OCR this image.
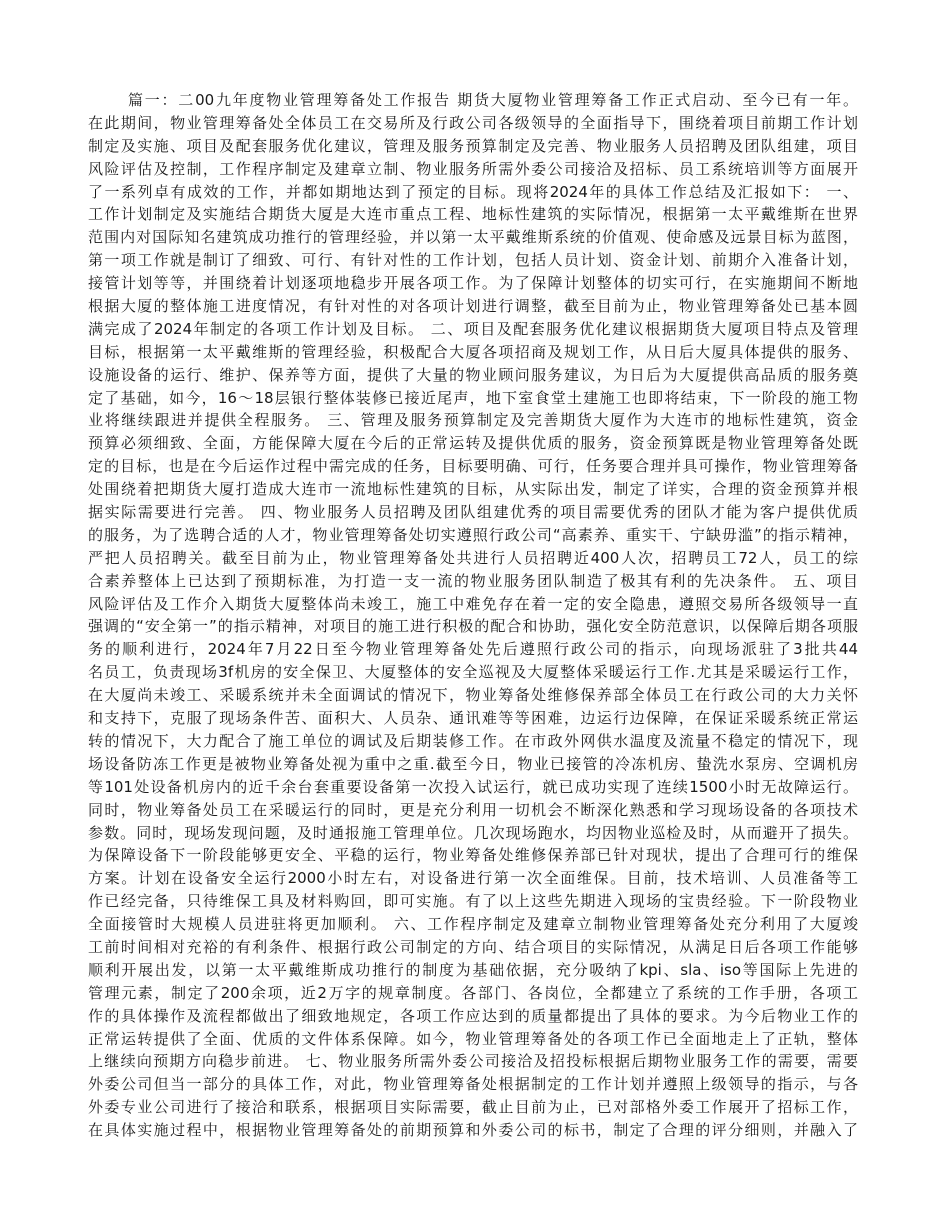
篇一：二00九年度物业管理筹备处工作报告 期货大厦物业管理筹备工作正式启动、至今已有一年。
在此期间，物业管理筹备处全体员工在交易所及行政公司各级领导的全面指导下，围绕着项目前期工作计划
制定及实施、项目及配套服务优化建议，管理及服务预算制定及完善、物业服务人员招聘及团队组建，项目
风险评估及控制，工作程序制定及建章立制、物业服务所需外委公司接洽及招标、员工系统培训等方面展开
了一系列卓有成效的工作，并都如期地达到了预定的目标。现将2024年的具体工作总结及汇报如下： 一、
工作计划制定及实施结合期货大厦是大连市重点工程、地标性建筑的实际情况，根据第一太平戴维斯在世界
范围内对国际知名建筑成功推行的管理经验，并以第一太平戴维斯系统的价值观、使命感及远景目标为蓝图，
第一项工作就是制订了细致、可行、有针对性的工作计划，包括人员计划、资金计划、前期介入准备计划，
接管计划等等，并围绕着计划逐项地稳步开展各项工作。为了保障计划整体的切实可行，在实施期间不断地
根据大厦的整体施工进度情况，有针对性的对各项计划进行调整，截至目前为止，物业管理筹备处已基本圆
满完成了2024年制定的各项工作计划及目标。 二、项目及配套服务优化建议根据期货大厦项目特点及管理
目标，根据第一太平戴维斯的管理经验，积极配合大厦各项招商及规划工作，从日后大厦具体提供的服务、
设施设备的运行、维护、保养等方面，提供了大量的物业顾问服务建议，为日后为大厦提供高品质的服务奠
定了基础，如今，16～18层银行整体装修已接近尾声，地下室食堂土建施工也即将结束，下一阶段的施工物
业将继续跟进并提供全程服务。 三、管理及服务预算制定及完善期货大厦作为大连市的地标性建筑，资金
预算必须细致、全面，方能保障大厦在今后的正常运转及提供优质的服务，资金预算既是物业管理筹备处既
定的目标，也是在今后运作过程中需完成的任务，目标要明确、可行，任务要合理并具可操作，物业管理筹备
处围绕着把期货大厦打造成大连市一流地标性建筑的目标，从实际出发，制定了详实，合理的资金预算并根
据实际需要进行完善。 四、物业服务人员招聘及团队组建优秀的项目需要优秀的团队才能为客户提供优质
的服务，为了选聘合适的人才，物业管理筹备处切实遵照行政公司“高素养、重实干、宁缺毋滥”的指示精神，
严把人员招聘关。截至目前为止，物业管理筹备处共进行人员招聘近400人次，招聘员工72人，员工的综
合素养整体上已达到了预期标准，为打造一支一流的物业服务团队制造了极其有利的先决条件。 五、项目
风险评估及工作介入期货大厦整体尚未竣工，施工中难免存在着一定的安全隐患，遵照交易所各级领导一直
强调的“安全第一”的指示精神，对项目的施工进行积极的配合和协助，强化安全防范意识，以保障后期各项服
务的顺利进行，2024年7月22日至今物业管理筹备处先后遵照行政公司的指示，向现场派驻了3批共44
名员工，负责现场3f机房的安全保卫、大厦整体的安全巡视及大厦整体采暖运行工作.尤其是采暖运行工作，
在大厦尚未竣工、采暖系统并未全面调试的情况下，物业筹备处维修保养部全体员工在行政公司的大力关怀
和支持下，克服了现场条件苦、面积大、人员杂、通讯难等等困难，边运行边保障，在保证采暖系统正常运
转的情况下，大力配合了施工单位的调试及后期装修工作。在市政外网供水温度及流量不稳定的情况下，现
场设备防冻工作更是被物业筹备处视为重中之重.截至今日，物业已接管的冷冻机房、蛰洗水泵房、空调机房
等101处设备机房内的近千余台套重要设备第一次投入试运行，就已成功实现了连续1500小时无故障运行。
同时，物业筹备处员工在采暖运行的同时，更是充分利用一切机会不断深化熟悉和学习现场设备的各项技术
参数。同时，现场发现问题，及时通报施工管理单位。几次现场跑水，均因物业巡检及时，从而避开了损失。
为保障设备下一阶段能够更安全、平稳的运行，物业筹备处维修保养部已针对现状，提出了合理可行的维保
方案。计划在设备安全运行2000小时左右，对设备进行第一次全面维保。目前，技术培训、人员准备等工
作已经完备，只待维保工具及材料购回，即可实施。有了以上这些先期进入现场的宝贵经验。下一阶段物业
全面接管时大规模人员进驻将更加顺利。 六、工作程序制定及建章立制物业管理筹备处充分利用了大厦竣
工前时间相对充裕的有利条件、根据行政公司制定的方向、结合项目的实际情况，从满足日后各项工作能够
顺利开展出发，以第一太平戴维斯成功推行的制度为基础依据，充分吸纳了kpi、sla、iso等国际上先进的
管理元素，制定了200余项，近2万字的规章制度。各部门、各岗位，全都建立了系统的工作手册，各项工
作的具体操作及流程都做出了细致地规定，各项工作应达到的质量都提出了具体的要求。为今后物业工作的
正常运转提供了全面、优质的文件体系保障。如今，物业管理筹备处的各项工作已全面地走上了正轨，整体
上继续向预期方向稳步前进。 七、物业服务所需外委公司接洽及招投标根据后期物业服务工作的需要，需要
外委公司但当一部分的具体工作，对此，物业管理筹备处根据制定的工作计划并遵照上级领导的指示，与各
外委专业公司进行了接洽和联系，根据项目实际需要，截止目前为止，已对部格外委工作展开了招标工作，
在具体实施过程中，根据物业管理筹备处的前期预算和外委公司的标书，制定了合理的评分细则，并融入了
